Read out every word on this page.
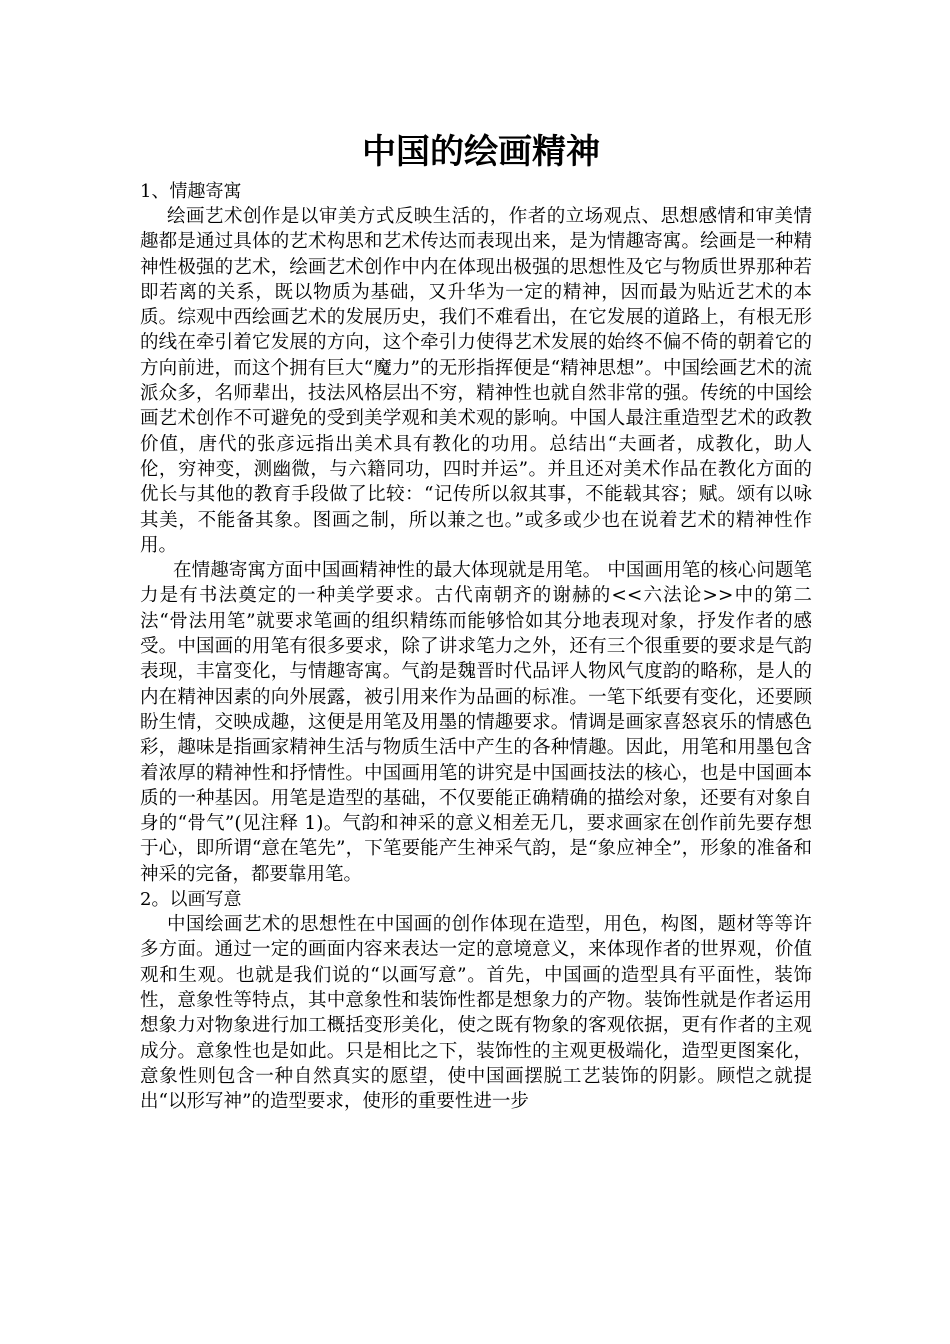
中国的绘画精神

1、情趣寄寓

绘画艺术创作是以审美方式反映生活的，作者的立场观点、思想感情和审美情趣都是通过具体的艺术构思和艺术传达而表现出来，是为情趣寄寓。绘画是一种精神性极强的艺术，绘画艺术创作中内在体现出极强的思想性及它与物质世界那种若即若离的关系，既以物质为基础，又升华为一定的精神，因而最为贴近艺术的本质。综观中西绘画艺术的发展历史，我们不难看出，在它发展的道路上，有根无形的线在牵引着它发展的方向，这个牵引力使得艺术发展的始终不偏不倚的朝着它的方向前进，而这个拥有巨大“魔力”的无形指挥便是“精神思想”。中国绘画艺术的流派众多，名师辈出，技法风格层出不穷，精神性也就自然非常的强。传统的中国绘画艺术创作不可避免的受到美学观和美术观的影响。中国人最注重造型艺术的政教价值，唐代的张彦远指出美术具有教化的功用。总结出“夫画者，成教化，助人伦，穷神变，测幽微，与六籍同功，四时并运”。并且还对美术作品在教化方面的优长与其他的教育手段做了比较：“记传所以叙其事，不能载其容；赋。颂有以咏其美，不能备其象。图画之制，所以兼之也。”或多或少也在说着艺术的精神性作用。

在情趣寄寓方面中国画精神性的最大体现就是用笔。 中国画用笔的核心问题笔力是有书法奠定的一种美学要求。古代南朝齐的谢赫的<<六法论>>中的第二法“骨法用笔”就要求笔画的组织精练而能够恰如其分地表现对象，抒发作者的感受。中国画的用笔有很多要求，除了讲求笔力之外，还有三个很重要的要求是气韵表现，丰富变化，与情趣寄寓。气韵是魏晋时代品评人物风气度韵的略称，是人的内在精神因素的向外展露，被引用来作为品画的标准。一笔下纸要有变化，还要顾盼生情，交映成趣，这便是用笔及用墨的情趣要求。情调是画家喜怒哀乐的情感色彩，趣味是指画家精神生活与物质生活中产生的各种情趣。因此，用笔和用墨包含着浓厚的精神性和抒情性。中国画用笔的讲究是中国画技法的核心，也是中国画本质的一种基因。用笔是造型的基础，不仅要能正确精确的描绘对象，还要有对象自身的“骨气”(见注释 1)。气韵和神采的意义相差无几，要求画家在创作前先要存想于心，即所谓“意在笔先”，下笔要能产生神采气韵，是“象应神全”，形象的准备和神采的完备，都要靠用笔。

2。以画写意

中国绘画艺术的思想性在中国画的创作体现在造型，用色，构图，题材等等许多方面。通过一定的画面内容来表达一定的意境意义，来体现作者的世界观，价值观和生观。也就是我们说的“以画写意”。首先，中国画的造型具有平面性，装饰性，意象性等特点，其中意象性和装饰性都是想象力的产物。装饰性就是作者运用想象力对物象进行加工概括变形美化，使之既有物象的客观依据，更有作者的主观成分。意象性也是如此。只是相比之下，装饰性的主观更极端化，造型更图案化，意象性则包含一种自然真实的愿望，使中国画摆脱工艺装饰的阴影。顾恺之就提出“以形写神”的造型要求，使形的重要性进一步
